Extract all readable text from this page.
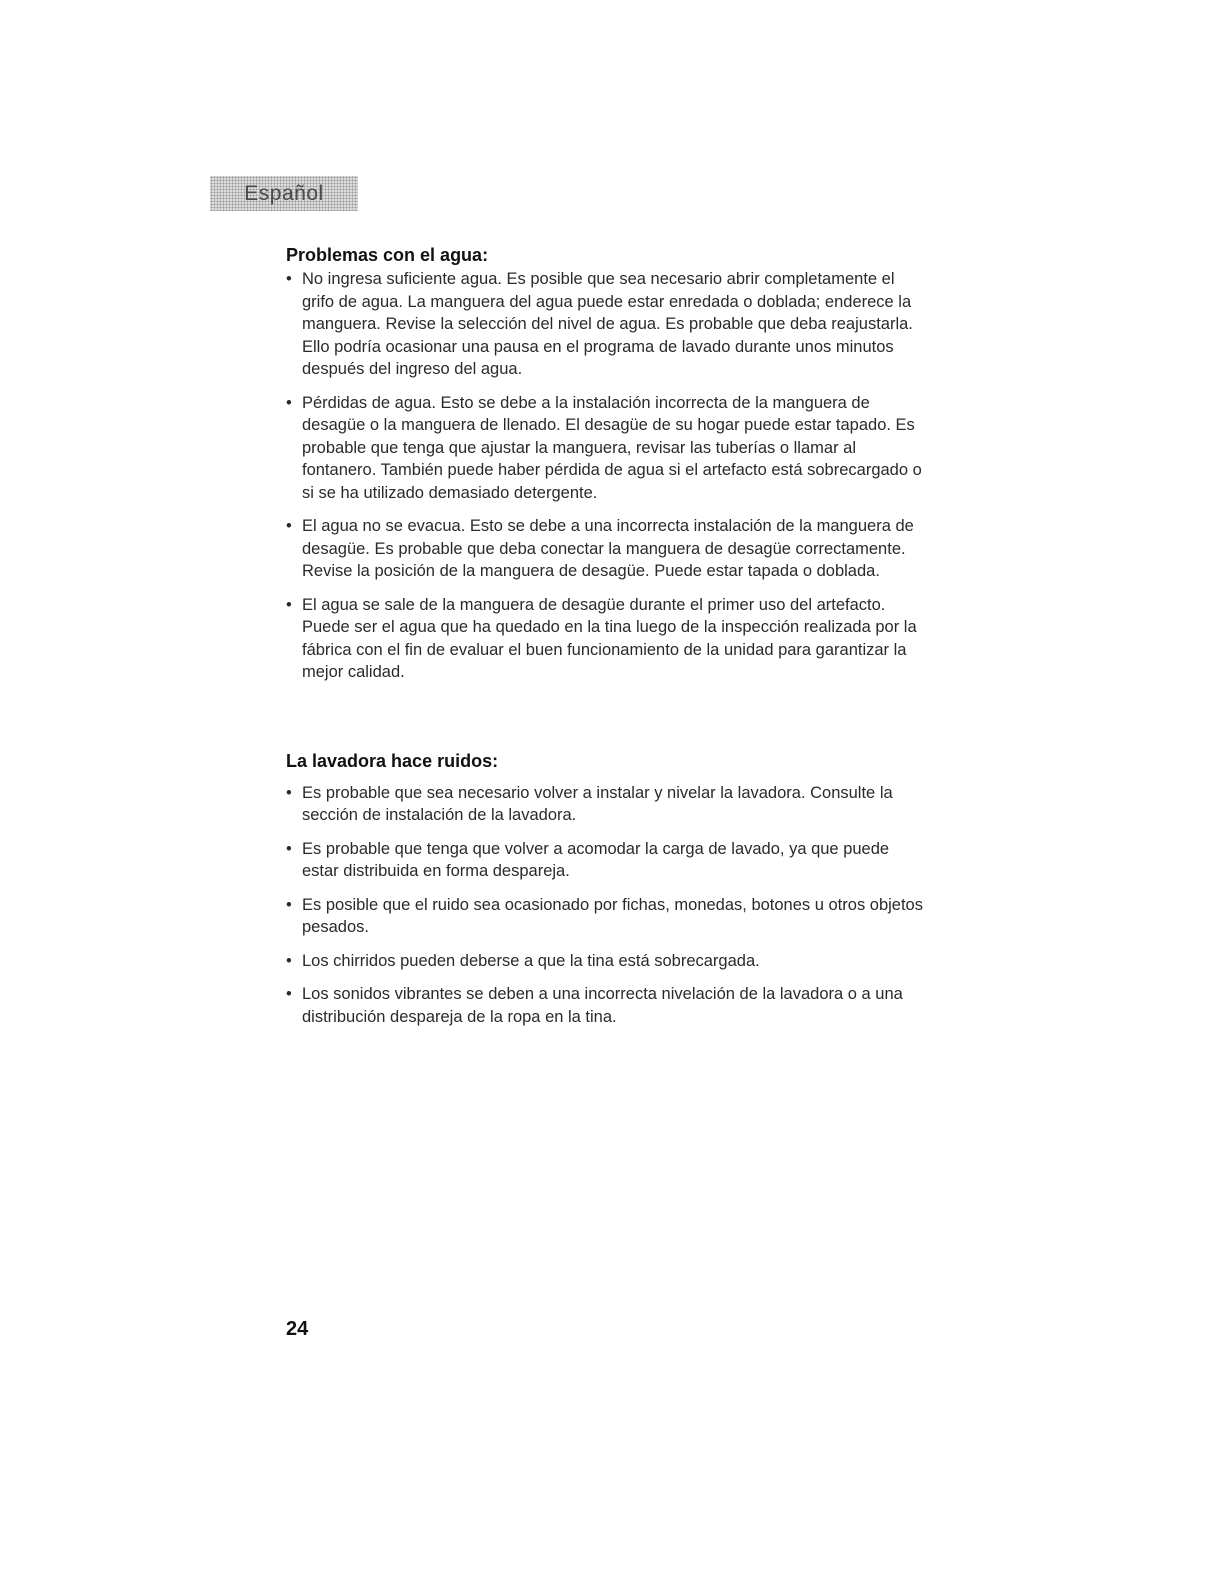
Español
Problemas con el agua:
• No ingresa suficiente agua. Es posible que sea necesario abrir completamente el grifo de agua. La manguera del agua puede estar enredada o doblada; enderece la manguera. Revise la selección del nivel de agua. Es probable que deba reajustarla. Ello podría ocasionar una pausa en el programa de lavado durante unos minutos después del ingreso del agua.
• Pérdidas de agua. Esto se debe a la instalación incorrecta de la manguera de desagüe o la manguera de llenado. El desagüe de su hogar puede estar tapado. Es probable que tenga que ajustar la manguera, revisar las tuberías o llamar al fontanero. También puede haber pérdida de agua si el artefacto está sobrecargado o si se ha utilizado demasiado detergente.
• El agua no se evacua. Esto se debe a una incorrecta instalación de la manguera de desagüe. Es probable que deba conectar la manguera de desagüe correctamente. Revise la posición de la manguera de desagüe. Puede estar tapada o doblada.
• El agua se sale de la manguera de desagüe durante el primer uso del artefacto. Puede ser el agua que ha quedado en la tina luego de la inspección realizada por la fábrica con el fin de evaluar el buen funcionamiento de la unidad para garantizar la mejor calidad.
La lavadora hace ruidos:
• Es probable que sea necesario volver a instalar y nivelar la lavadora. Consulte la sección de instalación de la lavadora.
• Es probable que tenga que volver a acomodar la carga de lavado, ya que puede estar distribuida en forma despareja.
• Es posible que el ruido sea ocasionado por fichas, monedas, botones u otros objetos pesados.
• Los chirridos pueden deberse a que la tina está sobrecargada.
• Los sonidos vibrantes se deben a una incorrecta nivelación de la lavadora o a una distribución despareja de la ropa en la tina.
24
